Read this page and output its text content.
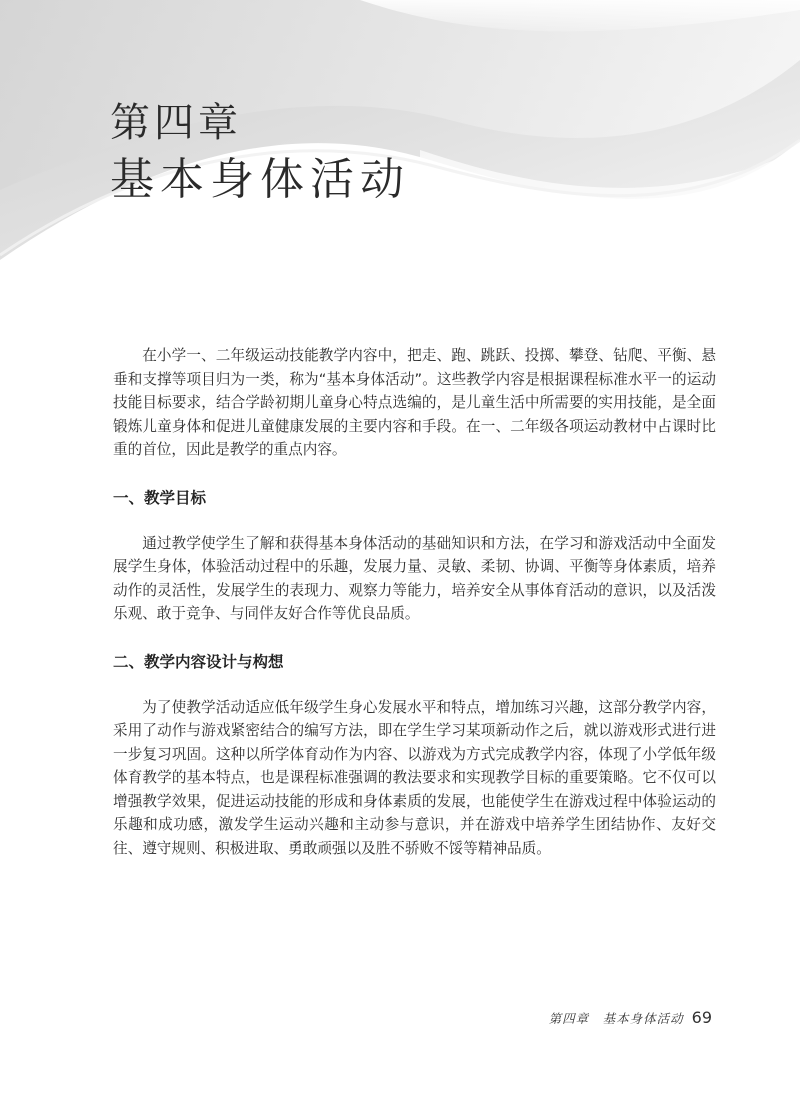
第四章
基本身体活动

在小学一、二年级运动技能教学内容中，把走、跑、跳跃、投掷、攀登、钻爬、平衡、悬垂和支撑等项目归为一类，称为“基本身体活动”。这些教学内容是根据课程标准水平一的运动技能目标要求，结合学龄初期儿童身心特点选编的，是儿童生活中所需要的实用技能，是全面锻炼儿童身体和促进儿童健康发展的主要内容和手段。在一、二年级各项运动教材中占课时比重的首位，因此是教学的重点内容。

一、教学目标

通过教学使学生了解和获得基本身体活动的基础知识和方法，在学习和游戏活动中全面发展学生身体，体验活动过程中的乐趣，发展力量、灵敏、柔韧、协调、平衡等身体素质，培养动作的灵活性，发展学生的表现力、观察力等能力，培养安全从事体育活动的意识，以及活泼乐观、敢于竞争、与同伴友好合作等优良品质。

二、教学内容设计与构想

为了使教学活动适应低年级学生身心发展水平和特点，增加练习兴趣，这部分教学内容，采用了动作与游戏紧密结合的编写方法，即在学生学习某项新动作之后，就以游戏形式进行进一步复习巩固。这种以所学体育动作为内容、以游戏为方式完成教学内容，体现了小学低年级体育教学的基本特点，也是课程标准强调的教法要求和实现教学目标的重要策略。它不仅可以增强教学效果，促进运动技能的形成和身体素质的发展，也能使学生在游戏过程中体验运动的乐趣和成功感，激发学生运动兴趣和主动参与意识，并在游戏中培养学生团结协作、友好交往、遵守规则、积极进取、勇敢顽强以及胜不骄败不馁等精神品质。

第四章　基本身体活动 69
